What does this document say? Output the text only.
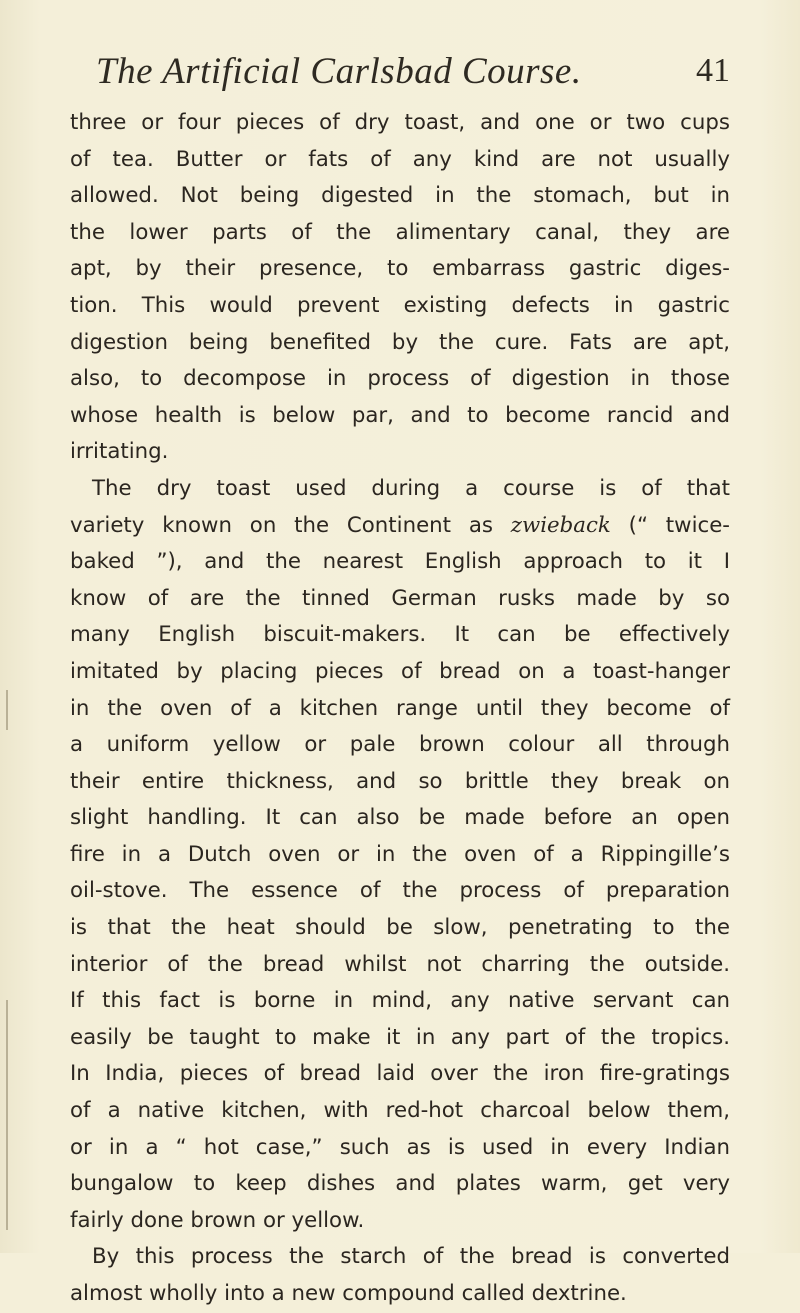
The Artificial Carlsbad Course.	41
three or four pieces of dry toast, and one or two cups
of tea. Butter or fats of any kind are not usually
allowed. Not being digested in the stomach, but in
the lower parts of the alimentary canal, they are
apt, by their presence, to embarrass gastric diges-
tion. This would prevent existing defects in gastric
digestion being benefited by the cure. Fats are apt,
also, to decompose in process of digestion in those
whose health is below par, and to become rancid and
irritating.
The dry toast used during a course is of that
variety known on the Continent as zwieback (“ twice-
baked ”), and the nearest English approach to it I
know of are the tinned German rusks made by so
many English biscuit-makers. It can be effectively
imitated by placing pieces of bread on a toast-hanger
in the oven of a kitchen range until they become of
a uniform yellow or pale brown colour all through
their entire thickness, and so brittle they break on
slight handling. It can also be made before an open
fire in a Dutch oven or in the oven of a Rippingille’s
oil-stove. The essence of the process of preparation
is that the heat should be slow, penetrating to the
interior of the bread whilst not charring the outside.
If this fact is borne in mind, any native servant can
easily be taught to make it in any part of the tropics.
In India, pieces of bread laid over the iron fire-gratings
of a native kitchen, with red-hot charcoal below them,
or in a “ hot case,” such as is used in every Indian
bungalow to keep dishes and plates warm, get very
fairly done brown or yellow.
By this process the starch of the bread is converted
almost wholly into a new compound called dextrine.
